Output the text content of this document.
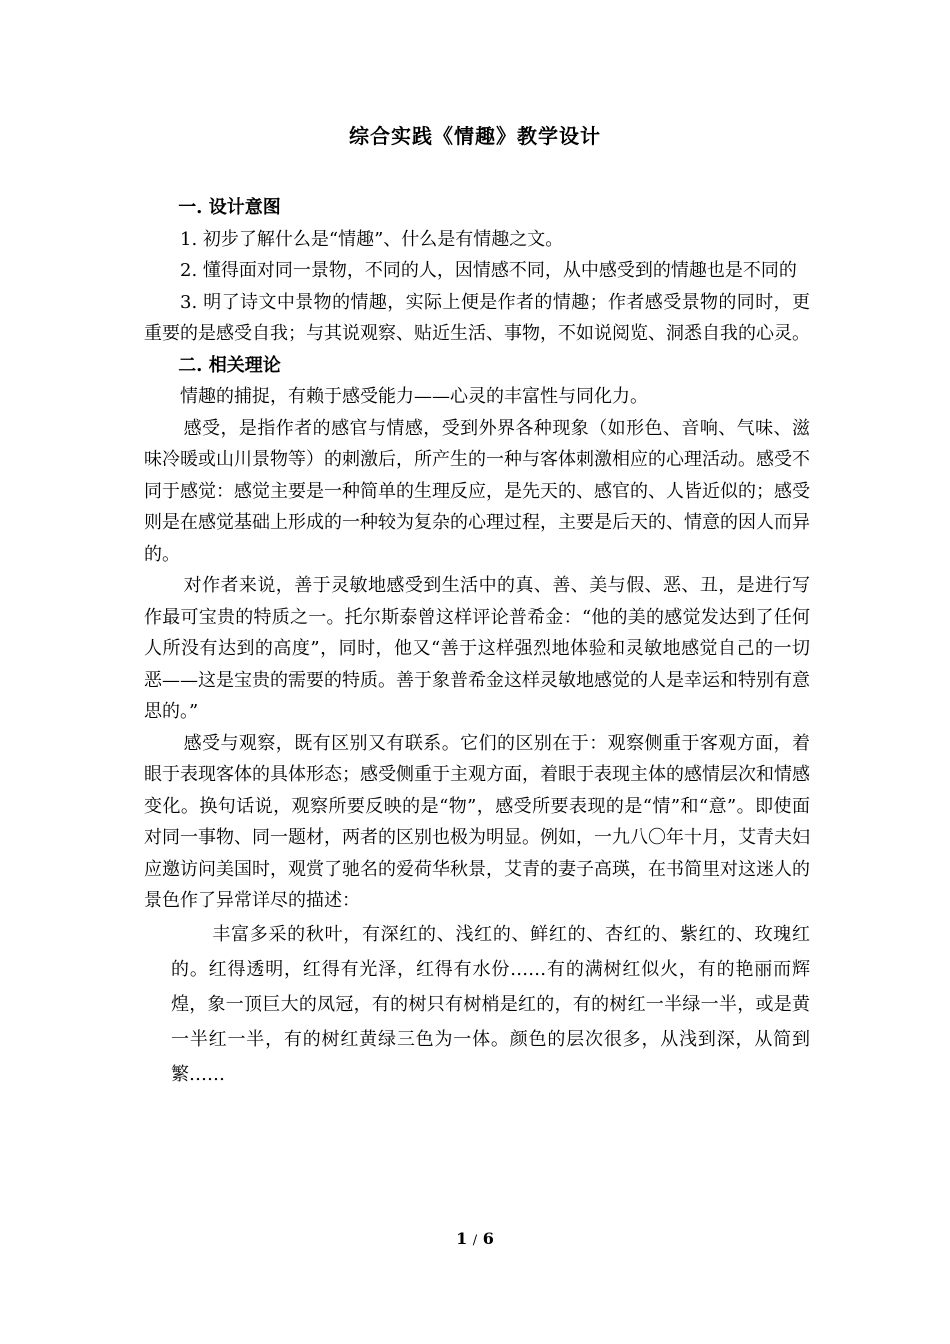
综合实践《情趣》教学设计

一. 设计意图

1. 初步了解什么是“情趣”、什么是有情趣之文。

2. 懂得面对同一景物，不同的人，因情感不同，从中感受到的情趣也是不同的

3. 明了诗文中景物的情趣，实际上便是作者的情趣；作者感受景物的同时，更重要的是感受自我；与其说观察、贴近生活、事物，不如说阅览、洞悉自我的心灵。

二. 相关理论

情趣的捕捉，有赖于感受能力——心灵的丰富性与同化力。

感受，是指作者的感官与情感，受到外界各种现象（如形色、音响、气味、滋味冷暖或山川景物等）的刺激后，所产生的一种与客体刺激相应的心理活动。感受不同于感觉：感觉主要是一种简单的生理反应，是先天的、感官的、人皆近似的；感受则是在感觉基础上形成的一种较为复杂的心理过程，主要是后天的、情意的因人而异的。

对作者来说，善于灵敏地感受到生活中的真、善、美与假、恶、丑，是进行写作最可宝贵的特质之一。托尔斯泰曾这样评论普希金：“他的美的感觉发达到了任何人所没有达到的高度”，同时，他又“善于这样强烈地体验和灵敏地感觉自己的一切恶——这是宝贵的需要的特质。善于象普希金这样灵敏地感觉的人是幸运和特别有意思的。”

感受与观察，既有区别又有联系。它们的区别在于：观察侧重于客观方面，着眼于表现客体的具体形态；感受侧重于主观方面，着眼于表现主体的感情层次和情感变化。换句话说，观察所要反映的是“物”，感受所要表现的是“情”和“意”。即使面对同一事物、同一题材，两者的区别也极为明显。例如，一九八〇年十月，艾青夫妇应邀访问美国时，观赏了驰名的爱荷华秋景，艾青的妻子高瑛，在书简里对这迷人的景色作了异常详尽的描述：

丰富多采的秋叶，有深红的、浅红的、鲜红的、杏红的、紫红的、玫瑰红的。红得透明，红得有光泽，红得有水份……有的满树红似火，有的艳丽而辉煌，象一顶巨大的凤冠，有的树只有树梢是红的，有的树红一半绿一半，或是黄一半红一半，有的树红黄绿三色为一体。颜色的层次很多，从浅到深，从简到繁……

1 / 6
